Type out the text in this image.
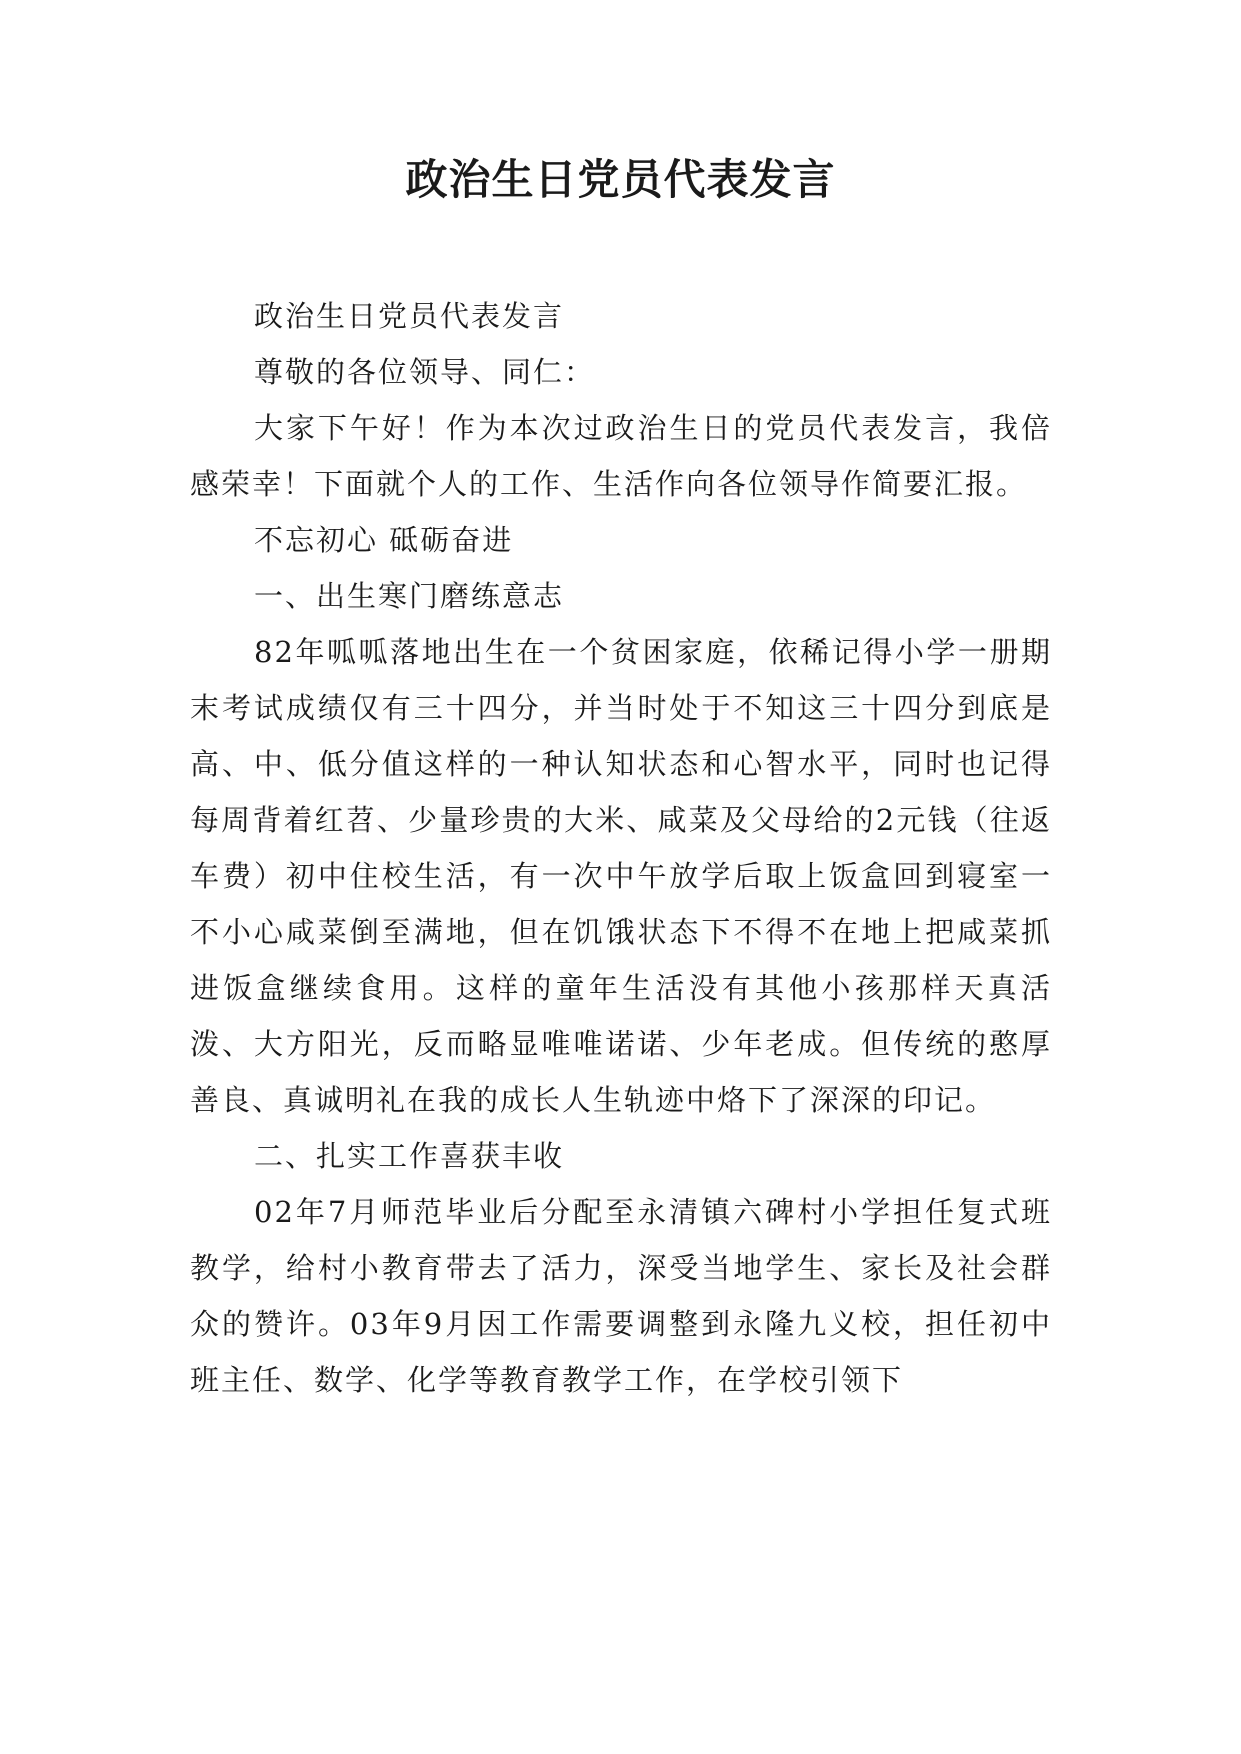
政治生日党员代表发言

政治生日党员代表发言

尊敬的各位领导、同仁：

大家下午好！作为本次过政治生日的党员代表发言，我倍感荣幸！下面就个人的工作、生活作向各位领导作简要汇报。

不忘初心 砥砺奋进

一、出生寒门磨练意志

82年呱呱落地出生在一个贫困家庭，依稀记得小学一册期末考试成绩仅有三十四分，并当时处于不知这三十四分到底是高、中、低分值这样的一种认知状态和心智水平，同时也记得每周背着红苕、少量珍贵的大米、咸菜及父母给的2元钱（往返车费）初中住校生活，有一次中午放学后取上饭盒回到寝室一不小心咸菜倒至满地，但在饥饿状态下不得不在地上把咸菜抓进饭盒继续食用。这样的童年生活没有其他小孩那样天真活泼、大方阳光，反而略显唯唯诺诺、少年老成。但传统的憨厚善良、真诚明礼在我的成长人生轨迹中烙下了深深的印记。

二、扎实工作喜获丰收

02年7月师范毕业后分配至永清镇六碑村小学担任复式班教学，给村小教育带去了活力，深受当地学生、家长及社会群众的赞许。03年9月因工作需要调整到永隆九义校，担任初中班主任、数学、化学等教育教学工作，在学校引领下
